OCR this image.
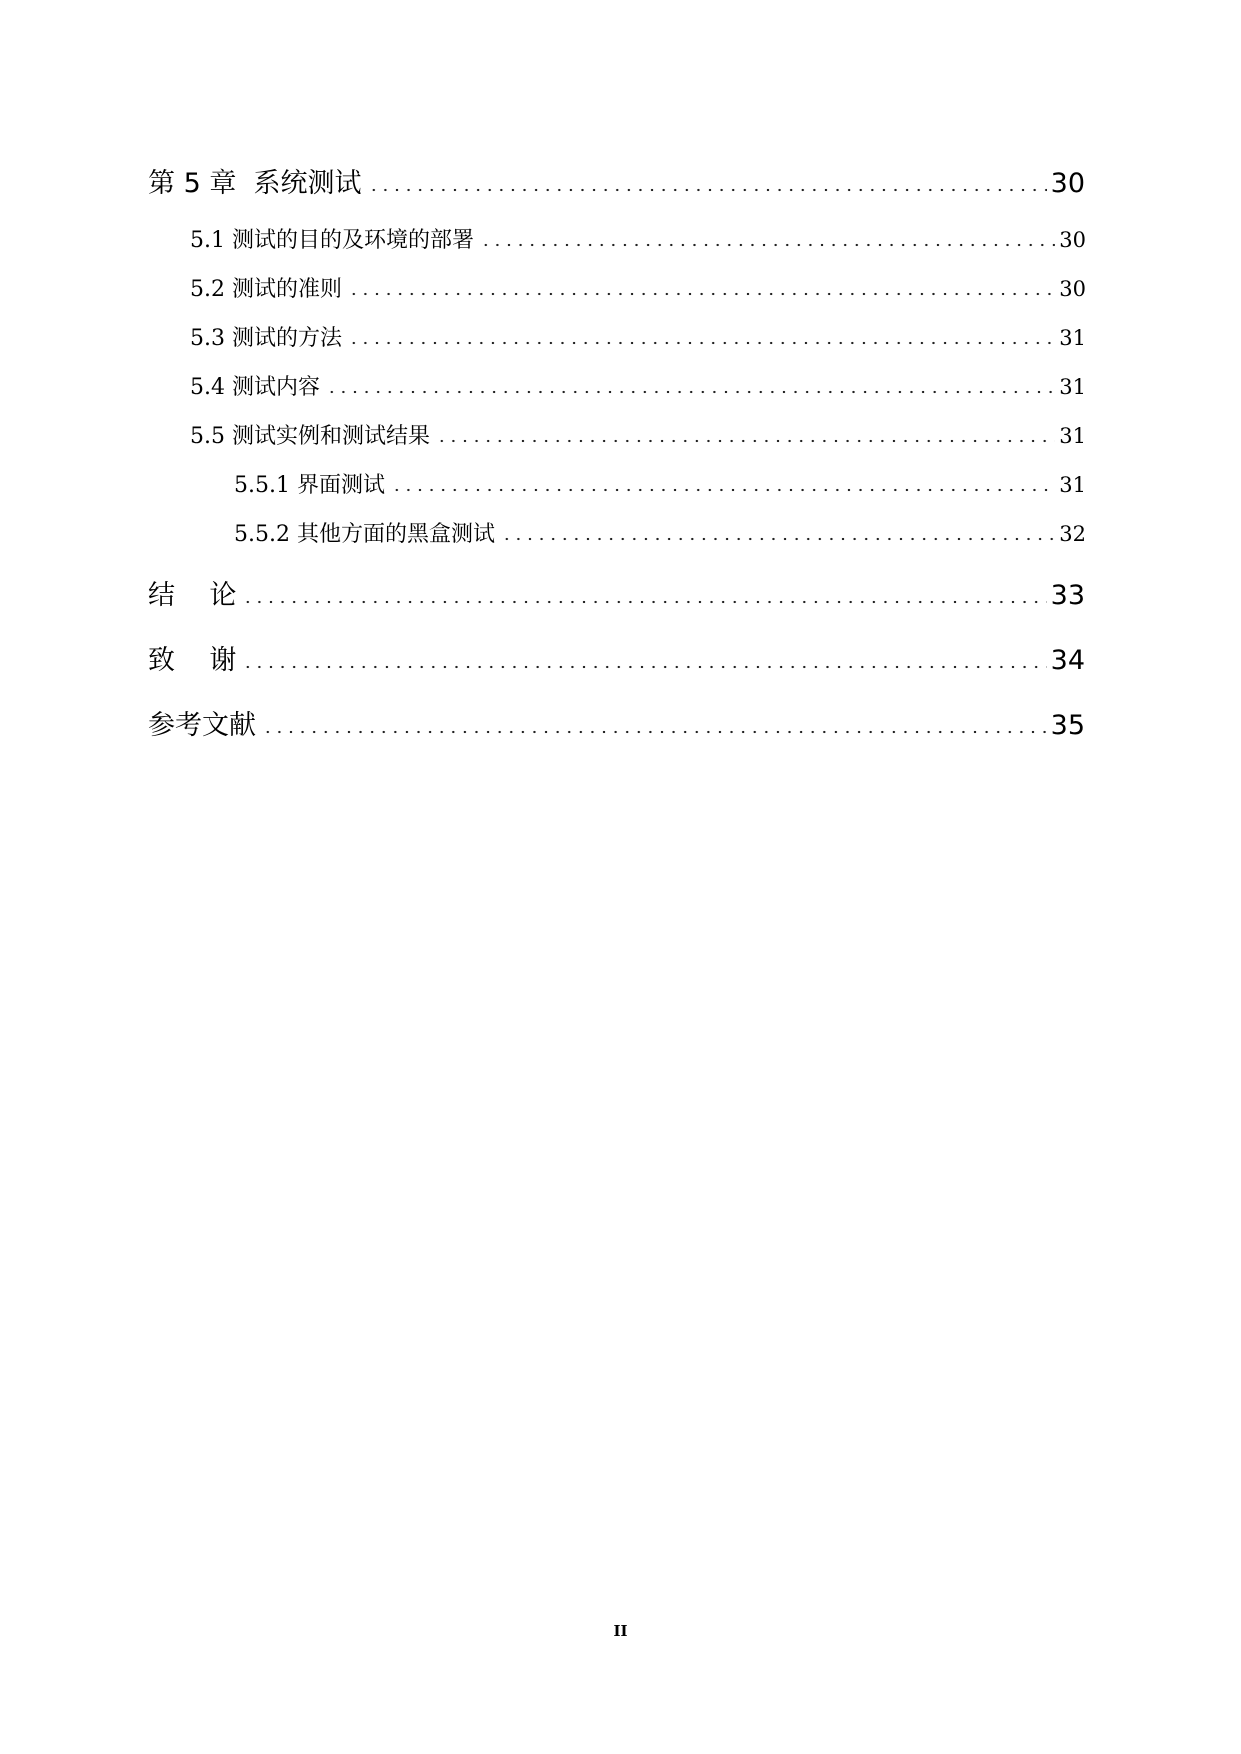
第 5 章  系统测试	30
5.1 测试的目的及环境的部署	30
5.2 测试的准则	30
5.3 测试的方法	31
5.4 测试内容	31
5.5 测试实例和测试结果	31
5.5.1 界面测试	31
5.5.2 其他方面的黑盒测试	32
结    论	33
致    谢	34
参考文献	35
II
